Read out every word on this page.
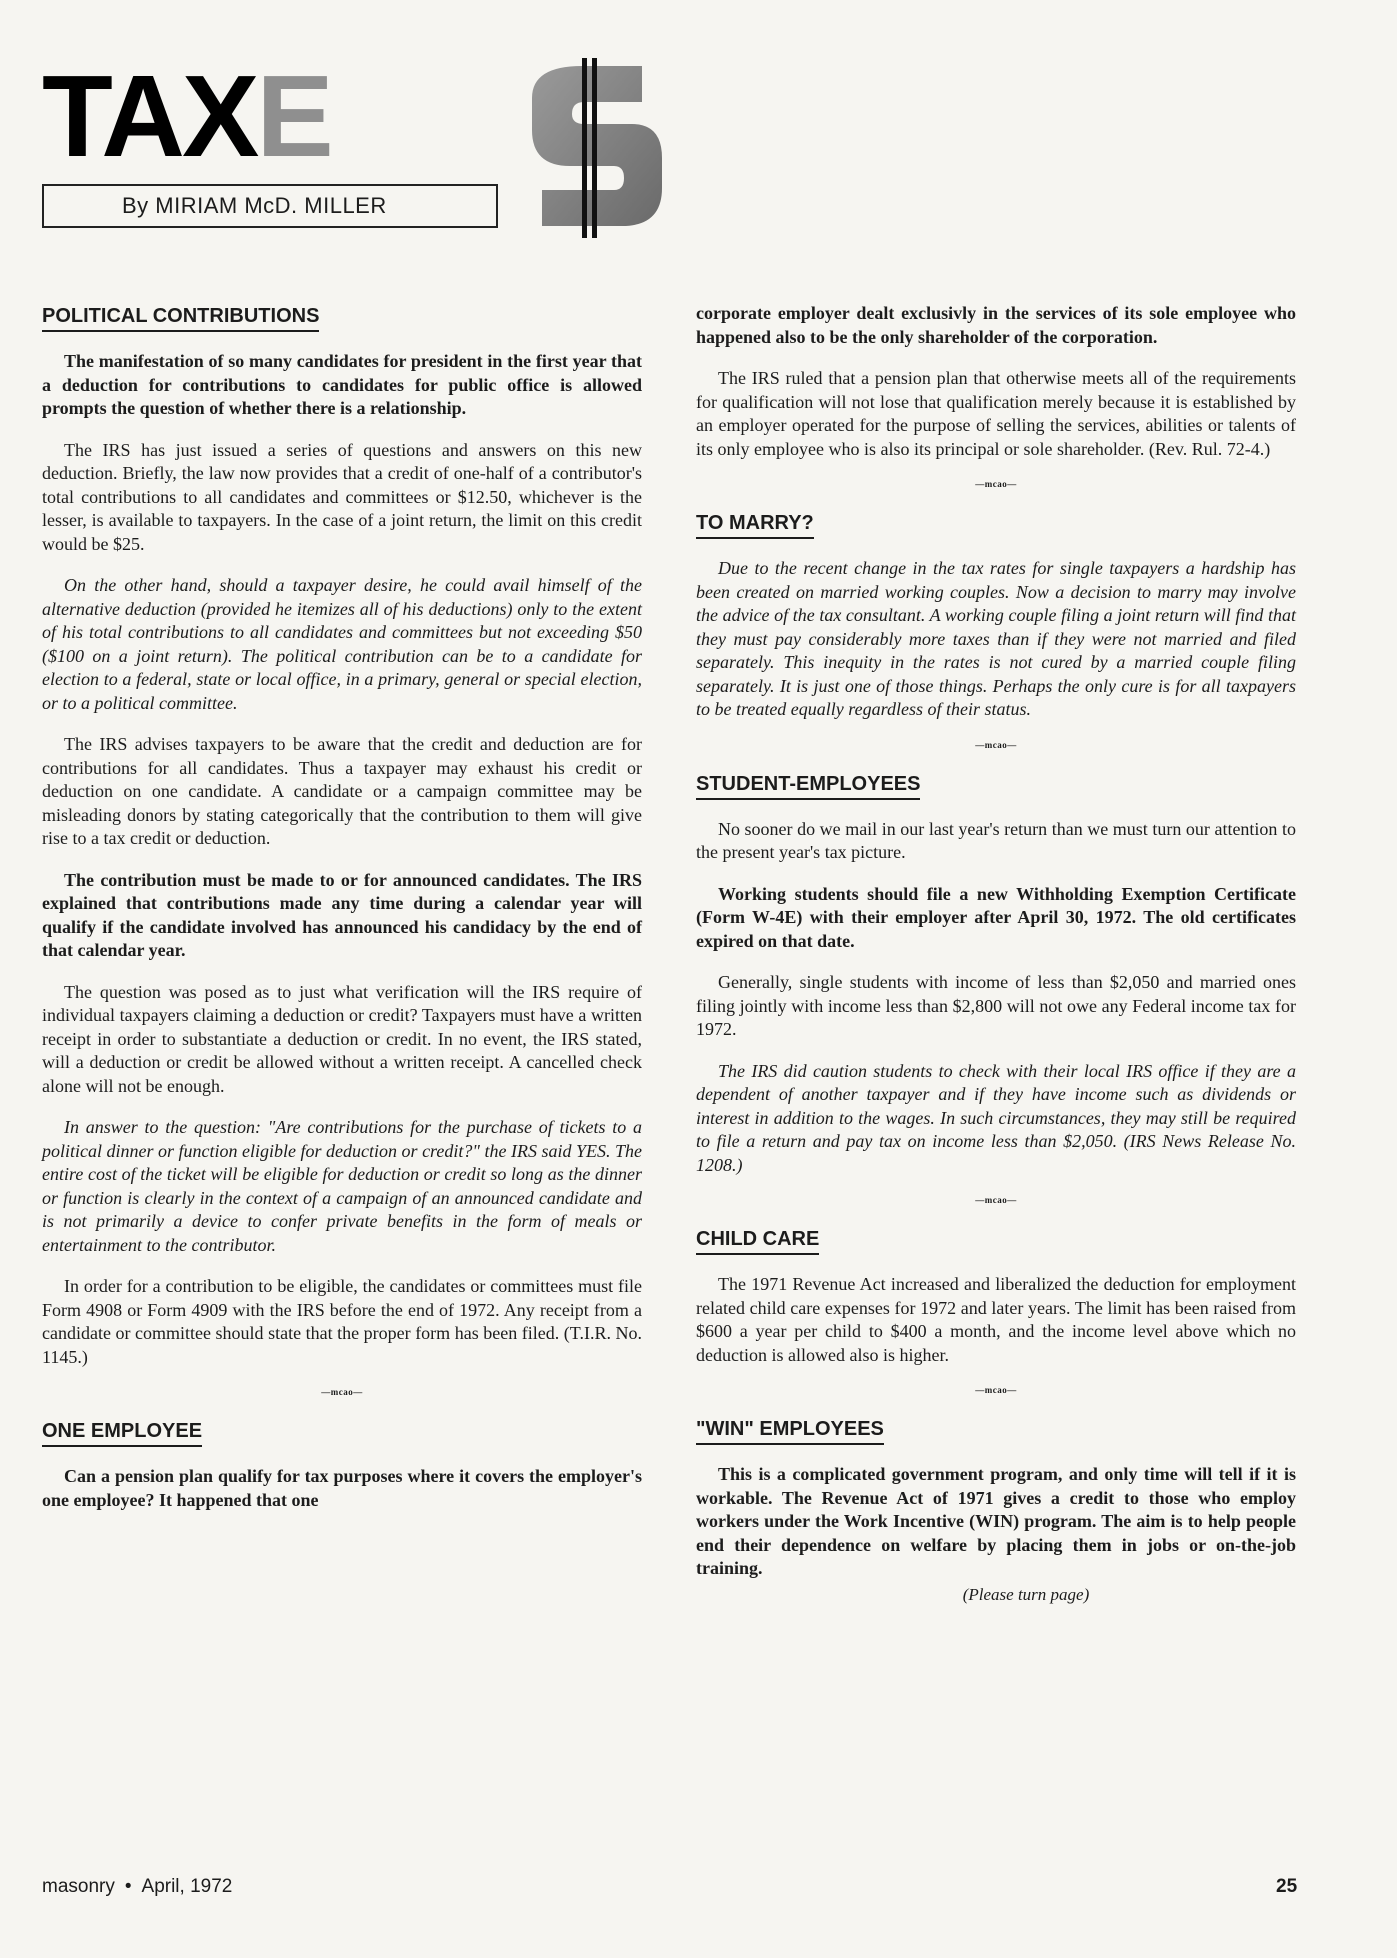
TAXE
By MIRIAM McD. MILLER
POLITICAL CONTRIBUTIONS

The manifestation of so many candidates for president in the first year that a deduction for contributions to candidates for public office is allowed prompts the question of whether there is a relationship.

The IRS has just issued a series of questions and answers on this new deduction. Briefly, the law now provides that a credit of one-half of a contributor's total contributions to all candidates and committees or $12.50, whichever is the lesser, is available to taxpayers. In the case of a joint return, the limit on this credit would be $25.

On the other hand, should a taxpayer desire, he could avail himself of the alternative deduction (provided he itemizes all of his deductions) only to the extent of his total contributions to all candidates and committees but not exceeding $50 ($100 on a joint return). The political contribution can be to a candidate for election to a federal, state or local office, in a primary, general or special election, or to a political committee.

The IRS advises taxpayers to be aware that the credit and deduction are for contributions for all candidates. Thus a taxpayer may exhaust his credit or deduction on one candidate. A candidate or a campaign committee may be misleading donors by stating categorically that the contribution to them will give rise to a tax credit or deduction.

The contribution must be made to or for announced candidates. The IRS explained that contributions made any time during a calendar year will qualify if the candidate involved has announced his candidacy by the end of that calendar year.

The question was posed as to just what verification will the IRS require of individual taxpayers claiming a deduction or credit? Taxpayers must have a written receipt in order to substantiate a deduction or credit. In no event, the IRS stated, will a deduction or credit be allowed without a written receipt. A cancelled check alone will not be enough.

In answer to the question: "Are contributions for the purchase of tickets to a political dinner or function eligible for deduction or credit?" the IRS said YES. The entire cost of the ticket will be eligible for deduction or credit so long as the dinner or function is clearly in the context of a campaign of an announced candidate and is not primarily a device to confer private benefits in the form of meals or entertainment to the contributor.

In order for a contribution to be eligible, the candidates or committees must file Form 4908 or Form 4909 with the IRS before the end of 1972. Any receipt from a candidate or committee should state that the proper form has been filed. (T.I.R. No. 1145.)

—mcao—
ONE EMPLOYEE

Can a pension plan qualify for tax purposes where it covers the employer's one employee? It happened that one

corporate employer dealt exclusivly in the services of its sole employee who happened also to be the only shareholder of the corporation.

The IRS ruled that a pension plan that otherwise meets all of the requirements for qualification will not lose that qualification merely because it is established by an employer operated for the purpose of selling the services, abilities or talents of its only employee who is also its principal or sole shareholder. (Rev. Rul. 72-4.)

—mcao—
TO MARRY?

Due to the recent change in the tax rates for single taxpayers a hardship has been created on married working couples. Now a decision to marry may involve the advice of the tax consultant. A working couple filing a joint return will find that they must pay considerably more taxes than if they were not married and filed separately. This inequity in the rates is not cured by a married couple filing separately. It is just one of those things. Perhaps the only cure is for all taxpayers to be treated equally regardless of their status.

—mcao—
STUDENT-EMPLOYEES

No sooner do we mail in our last year's return than we must turn our attention to the present year's tax picture.

Working students should file a new Withholding Exemption Certificate (Form W-4E) with their employer after April 30, 1972. The old certificates expired on that date.

Generally, single students with income of less than $2,050 and married ones filing jointly with income less than $2,800 will not owe any Federal income tax for 1972.

The IRS did caution students to check with their local IRS office if they are a dependent of another taxpayer and if they have income such as dividends or interest in addition to the wages. In such circumstances, they may still be required to file a return and pay tax on income less than $2,050. (IRS News Release No. 1208.)

—mcao—
CHILD CARE

The 1971 Revenue Act increased and liberalized the deduction for employment related child care expenses for 1972 and later years. The limit has been raised from $600 a year per child to $400 a month, and the income level above which no deduction is allowed also is higher.

—mcao—
"WIN" EMPLOYEES

This is a complicated government program, and only time will tell if it is workable. The Revenue Act of 1971 gives a credit to those who employ workers under the Work Incentive (WIN) program. The aim is to help people end their dependence on welfare by placing them in jobs or on-the-job training.

(Please turn page)
masonry • April, 1972	25
